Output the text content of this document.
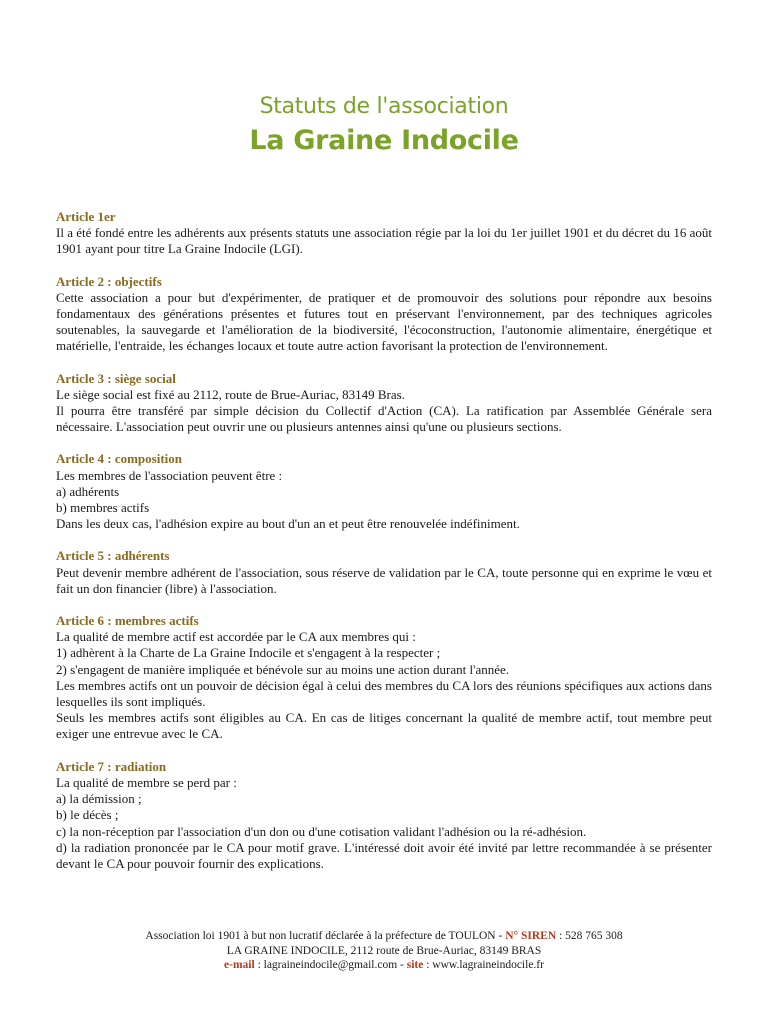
Statuts de l'association
La Graine Indocile
Article 1er
Il a été fondé entre les adhérents aux présents statuts une association régie par la loi du 1er juillet 1901 et du décret du 16 août 1901 ayant pour titre La Graine Indocile (LGI).
Article 2 : objectifs
Cette association a pour but d'expérimenter, de pratiquer et de promouvoir des solutions pour répondre aux besoins fondamentaux des générations présentes et futures tout en préservant l'environnement, par des techniques agricoles soutenables, la sauvegarde et l'amélioration de la biodiversité, l'écoconstruction, l'autonomie alimentaire, énergétique et matérielle, l'entraide, les échanges locaux et toute autre action favorisant la protection de l'environnement.
Article 3 : siège social
Le siège social est fixé au 2112, route de Brue-Auriac, 83149 Bras.
Il pourra être transféré par simple décision du Collectif d'Action (CA). La ratification par Assemblée Générale sera nécessaire. L'association peut ouvrir une ou plusieurs antennes ainsi qu'une ou plusieurs sections.
Article 4 : composition
Les membres de l'association peuvent être :
a) adhérents
b) membres actifs
Dans les deux cas, l'adhésion expire au bout d'un an et peut être renouvelée indéfiniment.
Article 5 : adhérents
Peut devenir membre adhérent de l'association, sous réserve de validation par le CA, toute personne qui en exprime le vœu et fait un don financier (libre) à l'association.
Article 6 : membres actifs
La qualité de membre actif est accordée par le CA aux membres qui :
1) adhèrent à la Charte de La Graine Indocile et s'engagent à la respecter ;
2) s'engagent de manière impliquée et bénévole sur au moins une action durant l'année.
Les membres actifs ont un pouvoir de décision égal à celui des membres du CA lors des réunions spécifiques aux actions dans lesquelles ils sont impliqués.
Seuls les membres actifs sont éligibles au CA. En cas de litiges concernant la qualité de membre actif, tout membre peut exiger une entrevue avec le CA.
Article 7 : radiation
La qualité de membre se perd par :
a) la démission ;
b) le décès ;
c) la non-réception par l'association d'un don ou d'une cotisation validant l'adhésion ou la ré-adhésion.
d) la radiation prononcée par le CA pour motif grave. L'intéressé doit avoir été invité par lettre recommandée à se présenter devant le CA pour pouvoir fournir des explications.
Association loi 1901 à but non lucratif déclarée à la préfecture de TOULON - N° SIREN : 528 765 308
LA GRAINE INDOCILE, 2112 route de Brue-Auriac, 83149 BRAS
e-mail : lagraineindocile@gmail.com - site : www.lagraineindocile.fr
